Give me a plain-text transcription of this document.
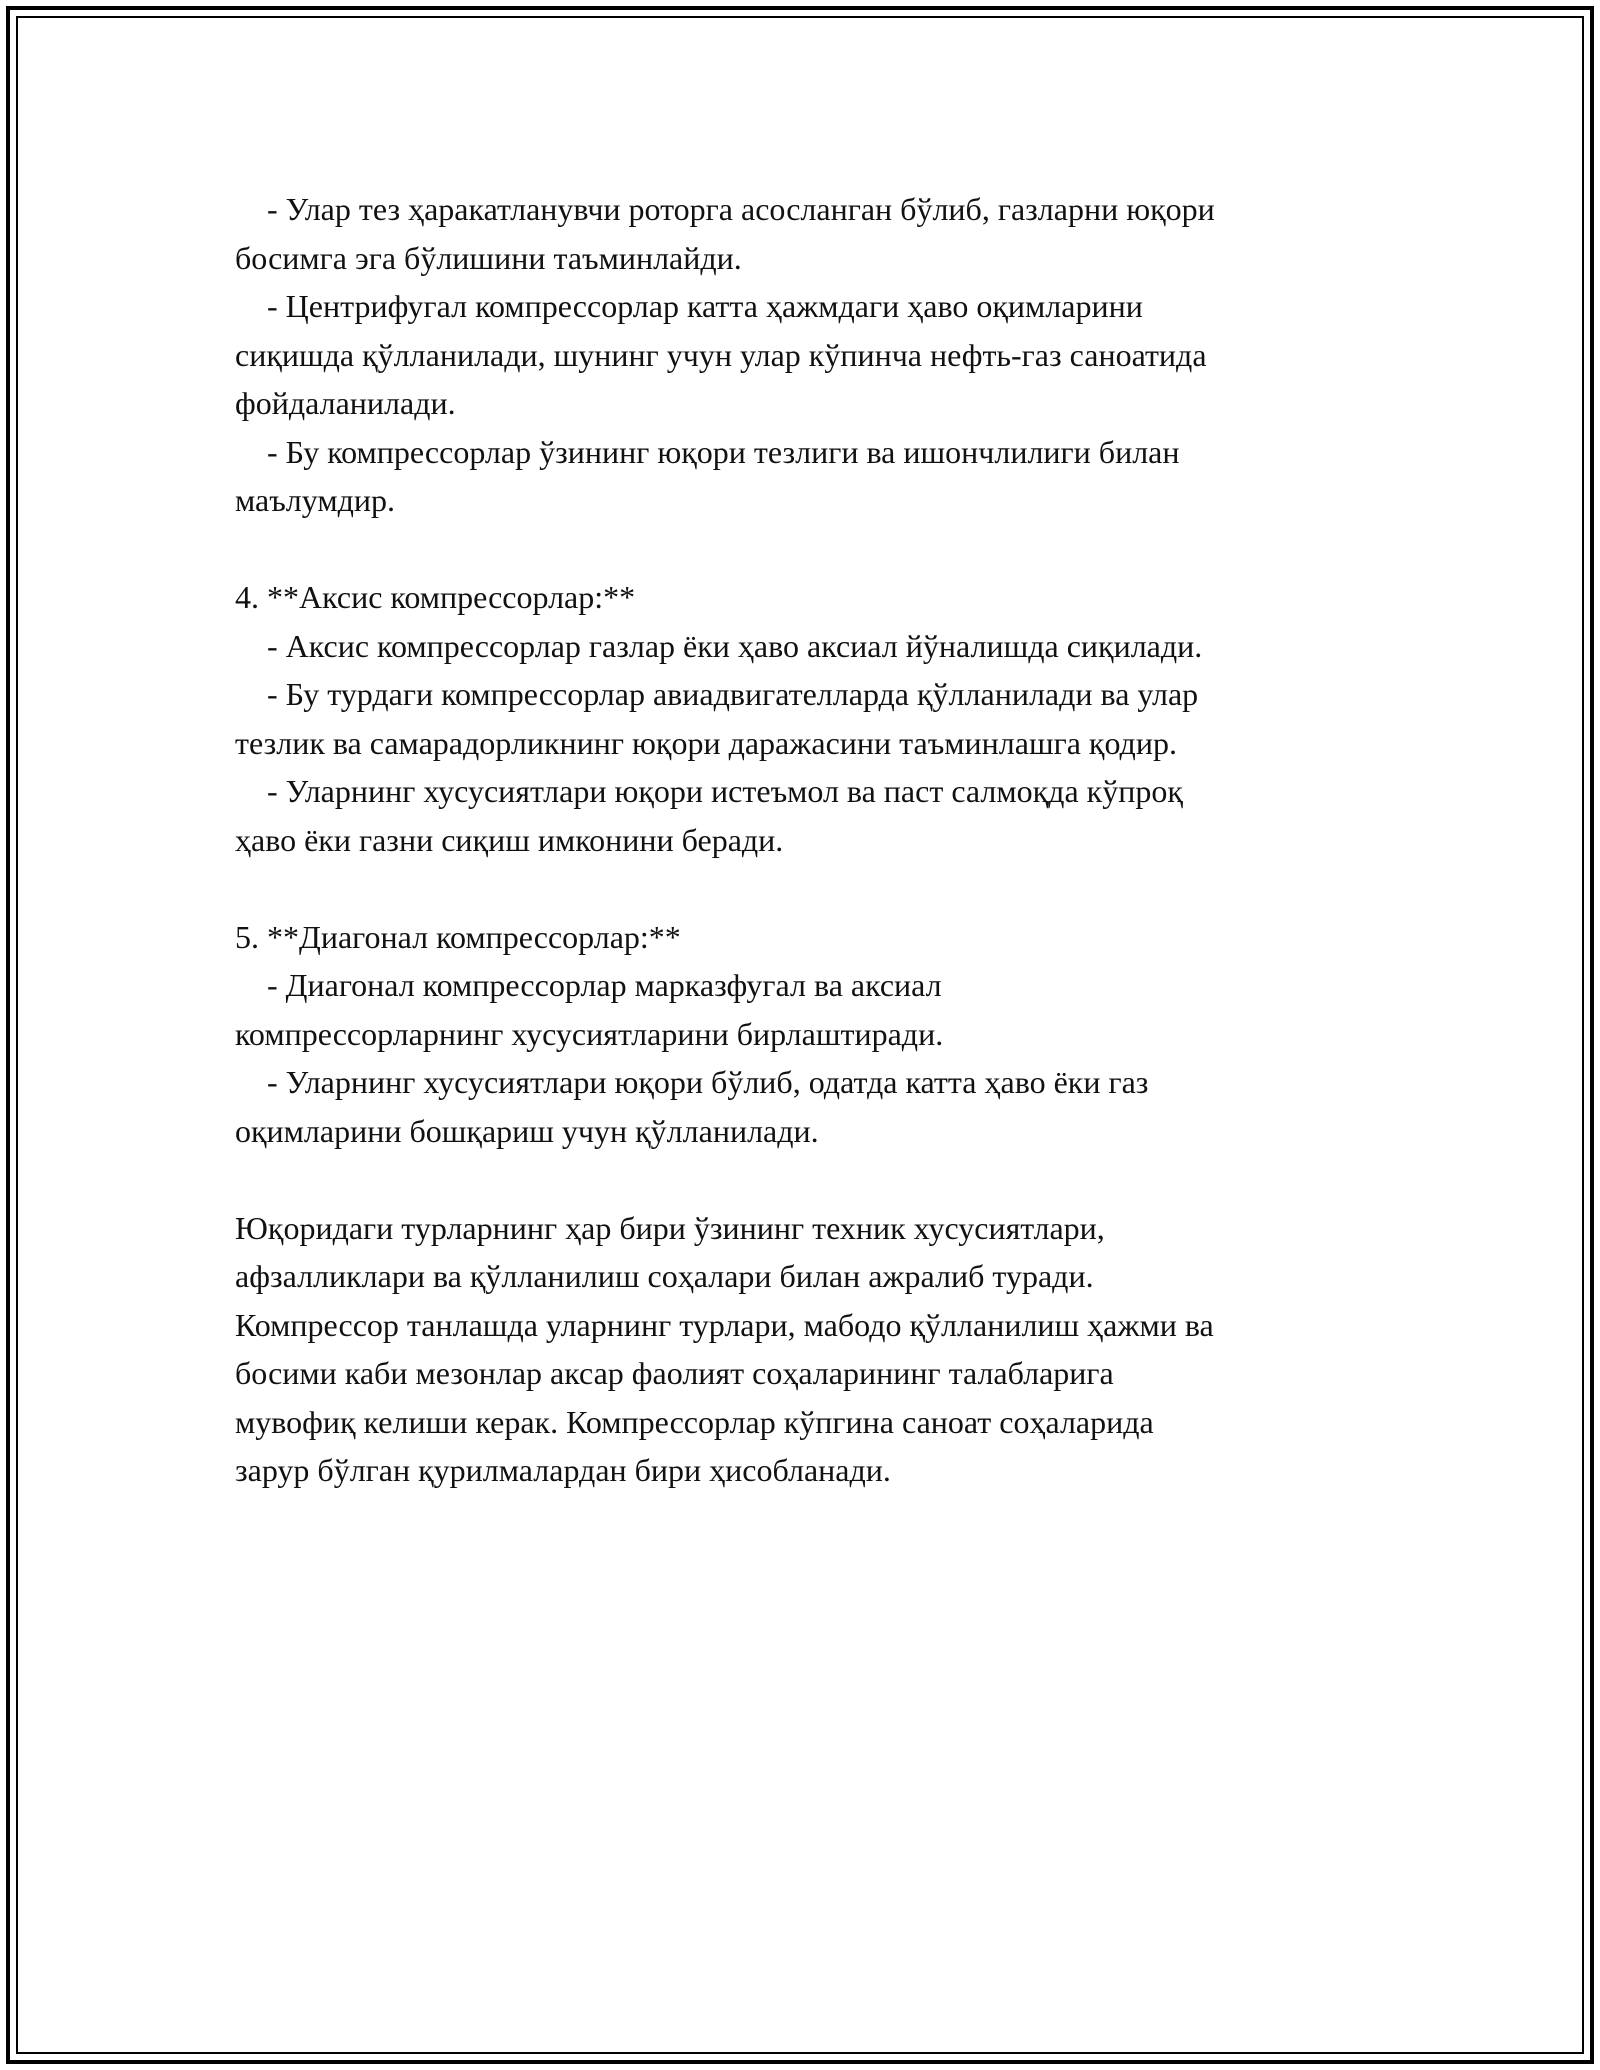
- Улар тез ҳаракатланувчи роторга асосланган бўлиб, газларни юқори
босимга эга бўлишини таъминлайди.

- Центрифугал компрессорлар катта ҳажмдаги ҳаво оқимларини
сиқишда қўлланилади, шунинг учун улар кўпинча нефть-газ саноатида
фойдаланилади.

- Бу компрессорлар ўзининг юқори тезлиги ва ишончлилиги билан
маълумдир.

4. **Аксис компрессорлар:**

- Аксис компрессорлар газлар ёки ҳаво аксиал йўналишда сиқилади.

- Бу турдаги компрессорлар авиадвигателларда қўлланилади ва улар
тезлик ва самарадорликнинг юқори даражасини таъминлашга қодир.

- Уларнинг хусусиятлари юқори истеъмол ва паст салмоқда кўпроқ
ҳаво ёки газни сиқиш имконини беради.

5. **Диагонал компрессорлар:**

- Диагонал компрессорлар марказфугал ва аксиал
компрессорларнинг хусусиятларини бирлаштиради.

- Уларнинг хусусиятлари юқори бўлиб, одатда катта ҳаво ёки газ
оқимларини бошқариш учун қўлланилади.

Юқоридаги турларнинг ҳар бири ўзининг техник хусусиятлари,
афзалликлари ва қўлланилиш соҳалари билан ажралиб туради.
Компрессор танлашда уларнинг турлари, мабодо қўлланилиш ҳажми ва
босими каби мезонлар аксар фаолият соҳаларининг талабларига
мувофиқ келиши керак. Компрессорлар кўпгина саноат соҳаларида
зарур бўлган қурилмалардан бири ҳисобланади.
